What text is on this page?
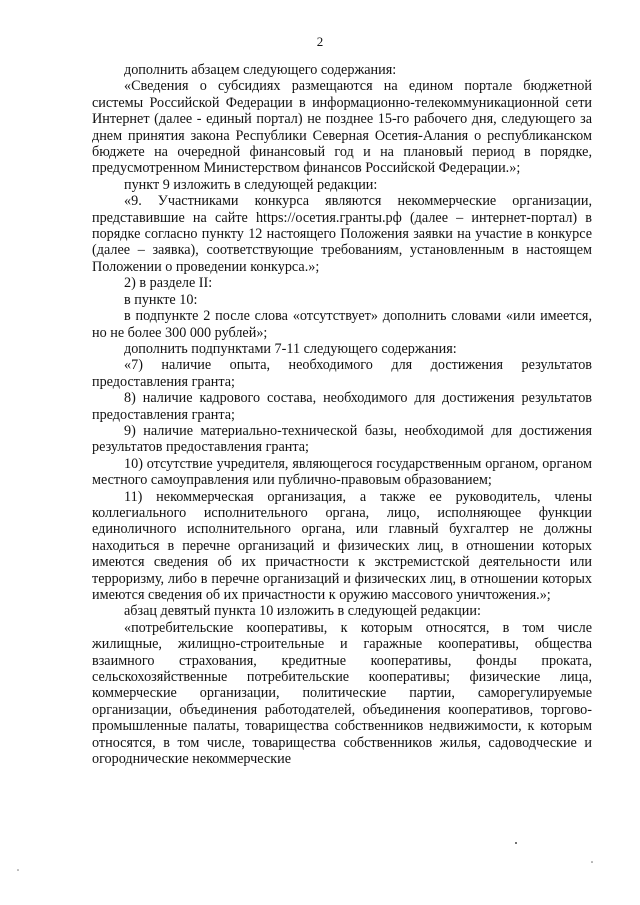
2

дополнить абзацем следующего содержания:

«Сведения о субсидиях размещаются на едином портале бюджетной системы Российской Федерации в информационно-телекоммуникационной сети Интернет (далее - единый портал) не позднее 15-го рабочего дня, следующего за днем принятия закона Республики Северная Осетия-Алания о республиканском бюджете на очередной финансовый год и на плановый период в порядке, предусмотренном Министерством финансов Российской Федерации.»;

пункт 9 изложить в следующей редакции:

«9. Участниками конкурса являются некоммерческие организации, представившие на сайте https://осетия.гранты.рф (далее – интернет-портал) в порядке согласно пункту 12 настоящего Положения заявки на участие в конкурсе (далее – заявка), соответствующие требованиям, установленным в настоящем Положении о проведении конкурса.»;

2) в разделе II:

в пункте 10:

в подпункте 2 после слова «отсутствует» дополнить словами «или имеется, но не более 300 000 рублей»;

дополнить подпунктами 7-11 следующего содержания:

«7) наличие опыта, необходимого для достижения результатов предоставления гранта;

8) наличие кадрового состава, необходимого для достижения результатов предоставления гранта;

9) наличие материально-технической базы, необходимой для достижения результатов предоставления гранта;

10) отсутствие учредителя, являющегося государственным органом, органом местного самоуправления или публично-правовым образованием;

11) некоммерческая организация, а также ее руководитель, члены коллегиального исполнительного органа, лицо, исполняющее функции единоличного исполнительного органа, или главный бухгалтер не должны находиться в перечне организаций и физических лиц, в отношении которых имеются сведения об их причастности к экстремистской деятельности или терроризму, либо в перечне организаций и физических лиц, в отношении которых имеются сведения об их причастности к оружию массового уничтожения.»;

абзац девятый пункта 10 изложить в следующей редакции:

«потребительские кооперативы, к которым относятся, в том числе жилищные, жилищно-строительные и гаражные кооперативы, общества взаимного страхования, кредитные кооперативы, фонды проката, сельскохозяйственные потребительские кооперативы; физические лица, коммерческие организации, политические партии, саморегулируемые организации, объединения работодателей, объединения кооперативов, торгово-промышленные палаты, товарищества собственников недвижимости, к которым относятся, в том числе, товарищества собственников жилья, садоводческие и огороднические некоммерческие
